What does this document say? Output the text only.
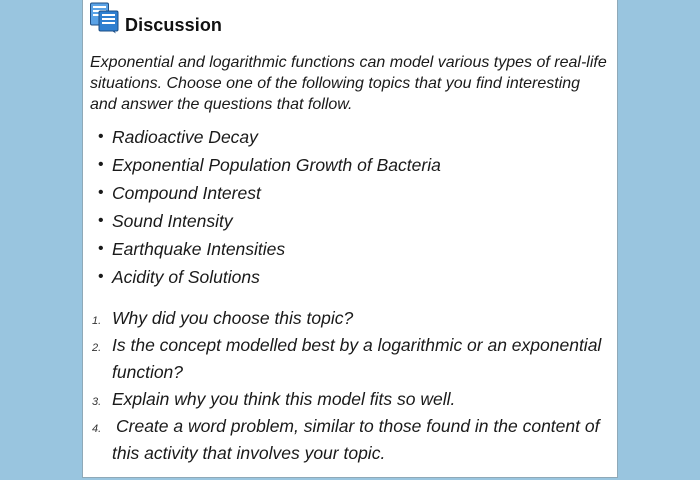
Discussion
Exponential and logarithmic functions can model various types of real-life situations. Choose one of the following topics that you find interesting and answer the questions that follow.
• Radioactive Decay
• Exponential Population Growth of Bacteria
• Compound Interest
• Sound Intensity
• Earthquake Intensities
• Acidity of Solutions
1. Why did you choose this topic?
2. Is the concept modelled best by a logarithmic or an exponential function?
3. Explain why you think this model fits so well.
4. Create a word problem, similar to those found in the content of this activity that involves your topic.
